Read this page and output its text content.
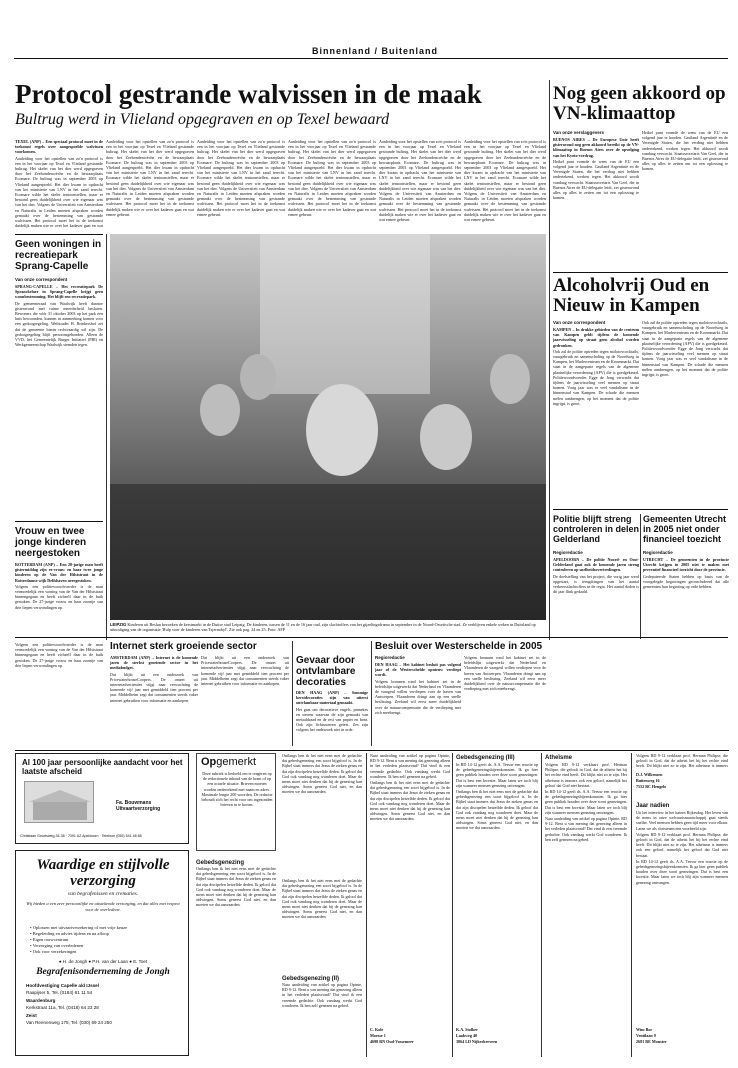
Binnenland / Buitenland
Protocol gestrande walvissen in de maak
Bultrug werd in Vlieland opgegraven en op Texel bewaard

TEXEL (ANP) – Een speciaal protocol moet in de toekomst regels over aangespoelde walvissen voorkomen.

Aanleiding voor het opstellen van zo'n protocol is een in het voorjaar op Texel en Vlieland gestrande bultrug. Het skelet van het dier werd opgegraven door het Zeehondencrèche en de bewaarplaats Ecomare. De bultrug was in september 2003 op Vlieland aangespoeld. Het dier kwam in opdracht van het ministerie van LNV in het zand terecht. Ecomare wilde het skelet tentoonstellen, maar er bestond geen duidelijkheid over wie eigenaar was van het dier. Volgens de Universiteit van Amsterdam en Naturalis in Leiden moeten afspraken worden gemaakt over de bestemming van gestrande walvissen. Het protocol moet het in de toekomst duidelijk maken wie er over het kadaver gaat en wat

Aanleiding voor het opstellen van zo'n protocol is een in het voorjaar op Texel en Vlieland gestrande bultrug. Het skelet van het dier werd opgegraven door het Zeehondencrèche en de bewaarplaats Ecomare. De bultrug was in september 2003 op Vlieland aangespoeld. Het dier kwam in opdracht van het ministerie van LNV in het zand terecht. Ecomare wilde het skelet tentoonstellen, maar er bestond geen duidelijkheid over wie eigenaar was van het dier. Volgens de Universiteit van Amsterdam en Naturalis in Leiden moeten afspraken worden gemaakt over de bestemming van gestrande walvissen. Het protocol moet het in de toekomst duidelijk maken wie er over het kadaver gaat en wat ermee gebeurt.

Aanleiding voor het opstellen van zo'n protocol is een in het voorjaar op Texel en Vlieland gestrande bultrug. Het skelet van het dier werd opgegraven door het Zeehondencrèche en de bewaarplaats Ecomare. De bultrug was in september 2003 op Vlieland aangespoeld. Het dier kwam in opdracht van het ministerie van LNV in het zand terecht. Ecomare wilde het skelet tentoonstellen, maar er bestond geen duidelijkheid over wie eigenaar was van het dier. Volgens de Universiteit van Amsterdam en Naturalis in Leiden moeten afspraken worden gemaakt over de bestemming van gestrande walvissen. Het protocol moet het in de toekomst duidelijk maken wie er over het kadaver gaat en wat ermee gebeurt.

Aanleiding voor het opstellen van zo'n protocol is een in het voorjaar op Texel en Vlieland gestrande bultrug. Het skelet van het dier werd opgegraven door het Zeehondencrèche en de bewaarplaats Ecomare. De bultrug was in september 2003 op Vlieland aangespoeld. Het dier kwam in opdracht van het ministerie van LNV in het zand terecht. Ecomare wilde het skelet tentoonstellen, maar er bestond geen duidelijkheid over wie eigenaar was van het dier. Volgens de Universiteit van Amsterdam en Naturalis in Leiden moeten afspraken worden gemaakt over de bestemming van gestrande walvissen. Het protocol moet het in de toekomst duidelijk maken wie er over het kadaver gaat en wat ermee gebeurt.

Aanleiding voor het opstellen van zo'n protocol is een in het voorjaar op Texel en Vlieland gestrande bultrug. Het skelet van het dier werd opgegraven door het Zeehondencrèche en de bewaarplaats Ecomare. De bultrug was in september 2003 op Vlieland aangespoeld. Het dier kwam in opdracht van het ministerie van LNV in het zand terecht. Ecomare wilde het skelet tentoonstellen, maar er bestond geen duidelijkheid over wie eigenaar was van het dier. Volgens de Universiteit van Amsterdam en Naturalis in Leiden moeten afspraken worden gemaakt over de bestemming van gestrande walvissen. Het protocol moet het in de toekomst duidelijk maken wie er over het kadaver gaat en wat ermee gebeurt.

Aanleiding voor het opstellen van zo'n protocol is een in het voorjaar op Texel en Vlieland gestrande bultrug. Het skelet van het dier werd opgegraven door het Zeehondencrèche en de bewaarplaats Ecomare. De bultrug was in september 2003 op Vlieland aangespoeld. Het dier kwam in opdracht van het ministerie van LNV in het zand terecht. Ecomare wilde het skelet tentoonstellen, maar er bestond geen duidelijkheid over wie eigenaar was van het dier. Volgens de Universiteit van Amsterdam en Naturalis in Leiden moeten afspraken worden gemaakt over de bestemming van gestrande walvissen. Het protocol moet het in de toekomst duidelijk maken wie er over het kadaver gaat en wat ermee gebeurt.

Nog geen akkoord op VN-klimaattop
Van onze verslaggevers

BUENOS AIRES – De Europese Unie heeft gisteravond nog geen akkoord bereikt op de VN-klimaattop in Buenos Aires over de opvolging van het Kyoto-verdrag.

Heikel punt vormde de wens van de EU een volgend jaar te houden. Gastland Argentinië en de Verenigde Staten, die het verdrag niet hebben ondertekend, werken tegen. Het akkoord wordt vandaag verwacht. Staatssecretaris Van Geel, die in Buenos Aires de EU-delegatie leidt, zei gisteravond alles op alles te zetten om tot een oplossing te komen.

Heikel punt vormde de wens van de EU een volgend jaar te houden. Gastland Argentinië en de Verenigde Staten, die het verdrag niet hebben ondertekend, werken tegen. Het akkoord wordt vandaag verwacht. Staatssecretaris Van Geel, die in Buenos Aires de EU-delegatie leidt, zei gisteravond alles op alles te zetten om tot een oplossing te komen.

Alcoholvrij Oud en Nieuw in Kampen
Van onze correspondent

KAMPEN – In drukke gebieden van de centrum van Kampen geldt tijdens de komende jaarwisseling op straat geen alcohol worden gedronken.

Ook zal de politie optreden tegen molotovcocktails, vuurgebruik en samenscholing op de Noordweg in Kampen, het Marlercentrum en de Koornmarkt. Dat staat in de aangepaste regels van de algemene plaatselijke verordening (APV) die is goedgekeurd. Politiewoordvoerder Egge de Jong verwacht dat tijdens de jaarwisseling veel mensen op straat komen. Vorig jaar was er veel vandalisme in de binnenstad van Kampen. De schade die mensen mélen aanbrengen, op het moment dat de politie ingrijpt, is groot.

Ook zal de politie optreden tegen molotovcocktails, vuurgebruik en samenscholing op de Noordweg in Kampen, het Marlercentrum en de Koornmarkt. Dat staat in de aangepaste regels van de algemene plaatselijke verordening (APV) die is goedgekeurd. Politiewoordvoerder Egge de Jong verwacht dat tijdens de jaarwisseling veel mensen op straat komen. Vorig jaar was er veel vandalisme in de binnenstad van Kampen. De schade die mensen mélen aanbrengen, op het moment dat de politie ingrijpt, is groot.

Politie blijft streng controleren in delen Gelderland
Regioredactie

APELDOORN – De politie Noord- en Oost-Gelderland gaat ook de komende jaren streng controleren op snelheidsovertredingen.

De doelstelling van het project, die vorig jaar werd opgestart, is terugdringen van het aantal verkeersslachtoffers in de regio. Het aantal doden is dit jaar flink gedaald.

Gemeenten Utrecht in 2005 niet onder financieel toezicht
Regioredactie

UTRECHT – De gemeenten in de provincie Utrecht krijgen in 2005 niet te maken met preventief financieel toezicht door de provincie.

Gedeputeerde Staten hebben op basis van de voorgelegde begrotingen geconcludeerd dat alle gemeenten hun begroting op orde hebben.

Geen woningen in recreatiepark Sprang-Capelle
Van onze correspondent

SPRANG-CAPELLE – Het recreatiepark De Spranckelaer in Sprang-Capelle krijgt geen woonbestemming. Het blijft een recreatiepark.

De gemeenteraad van Waalwijk heeft daartoe gisteravond met ruime meerderheid besloten. Bewoners die vóór 31 oktober 2003 op het park een huis bewoonden, kunnen in aanmerking komen voor een gedoogregeling. Wethouder H. Brinkershof zei dat de gemeente hierin rechtvaardig wil zijn. De gedoogregeling blijft persoonsgebonden. Alleen de VVD, het Gemeentelijk Burger Initiatief (PBI) en Werkgemeenschap Waalwijk stemden tegen.

Vrouw en twee jonge kinderen neergestoken

ROTTERDAM (ANP) – Een 28-jarige man heeft gistermiddag zijn ex-vrouw en haar twee jonge kinderen op de Van der Hilststraat in de Rotterdamse wijk Delfshaven neergestoken.

Volgens een politiewoordvoerder is de man vermoedelijk een woning van de Van der Hilststraat binnengegaan en heeft zichzelf daar in de buik gestoken. De 27-jarige vrouw en haar zoontje van drie liepen verwondingen op.

LEIPZIG Kinderen uit Beslan bezoeken de kerstmarkt in de Duitse stad Leipzig. De kinderen, tussen de 11 en de 16 jaar oud, zijn slachtoffers van het gijzelingsdrama in september in de Noord-Ossetische stad. Ze verblijven enkele weken in Duitsland op uitnodiging van de organisatie 'Hulp voor de kinderen van Tsjernobyl'. Zie ook pag. 24 en 25. Foto: AFP

Volgens een politiewoordvoerder is de man vermoedelijk een woning van de Van der Hilststraat binnengegaan en heeft zichzelf daar in de buik gestoken. De 27-jarige vrouw en haar zoontje van drie liepen verwondingen op.

Internet sterk groeiende sector

AMSTERDAM (ANP) – Internet is de komende jaren de sterkst groeiende sector in het mediabudget.

Dat blijkt uit een onderzoek van PricewaterhouseCoopers. De omzet uit internetadvertenties stijgt naar verwachting de komende vijf jaar met gemiddeld tien procent per jaar. Middelheim zegt dat consumenten steeds vaker internet gebruiken voor informatie en aankopen.

Dat blijkt uit een onderzoek van PricewaterhouseCoopers. De omzet uit internetadvertenties stijgt naar verwachting de komende vijf jaar met gemiddeld tien procent per jaar. Middelheim zegt dat consumenten steeds vaker internet gebruiken voor informatie en aankopen.

Gevaar door ontvlambare decoraties

DEN HAAG (ANP) – Sommige kerstdecoraties zijn van uiterst ontvlambaar materiaal gemaakt.

Het gaat om decoratieve engels, pinnekes en sterren waarvan de zijn gemaakt van metaaldraad en de rest van papier en bont. Ook zijn lichtsnoeren getest. Zes zijn volgens het onderzoek niet in orde.

Besluit over Westerschelde in 2005
Regioredactie

DEN HAAG – Het kabinet besluit pas volgend jaar of de Westerschelde opnieuw verdiept wordt.

Volgens bronnen rond het kabinet zet in de beleidslijn uitgewerkt dat Nederland en Vlaanderen de vaargeul willen verdiepen voor de haven van Antwerpen. Vlaanderen dringt aan op een snelle beslissing. Zeeland wil eerst meer duidelijkheid over de natuurcompensatie die de verdieping met zich meebrengt.

Volgens bronnen rond het kabinet zet in de beleidslijn uitgewerkt dat Nederland en Vlaanderen de vaargeul willen verdiepen voor de haven van Antwerpen. Vlaanderen dringt aan op een snelle beslissing. Zeeland wil eerst meer duidelijkheid over de natuurcompensatie die de verdieping met zich meebrengt.

Al 100 jaar persoonlijke aandacht voor het laatste afscheid
Fa. Bouwmans Uitvaartverzorging
Christiaan Geurtsweg 34-36 · 7391 AZ Apeldoorn · Telefoon (055) 541 48 88
Waardige en stijlvolle verzorging
van begrafenissen en crematies.
Wij bieden u een zeer persoonlijke en uitstekende verzorging, en dat alles met respect voor de overledene.
• Oplossen met uitvaartverzekering of met vrije keuze
• Begeleiding en advies tijdens en na afloop
• Eigen rouwcentrum
• Verzorging van overledenen
• Ook voor verzekeringen
● H. de Jongh ● P.H. van der Laan ● E. Toet
Begrafenisonderneming de Jongh
Hoofdvestiging Capelle a/d IJssel
Raapijser 5, Tel. (0184) 61 11 54
Waardenburg
Kerkstraat 11a, Tel. (0418) 64 23 28
Zeist
Van Reenenweg 175, Tel. (030) 69 24 250
Opgemerkt
Deze rubriek is bedoeld om te reageren op de redactionele inhoud van de krant of op een actuele situatie. Brieven moeten worden ondertekend met naam en adres. Maximale lengte 200 woorden. De redactie behoudt zich het recht voor om ingezonden brieven in te korten.

Ontlangs ben ik het niet eens met de gedachte dat gebedsgenezing een soort bijgeloof is. In de Bijbel staat immers dat Jezus de zieken genas en dat zijn discipelen hetzelfde deden. Ik geloof dat God ook vandaag nog wonderen doet. Maar de mens moet niet denken dat hij de genezing kan afdwingen. Soms geneest God niet, en dan moeten we dat aanvaarden.

Gebedsgenezing

Ontlangs ben ik het niet eens met de gedachte dat gebedsgenezing een soort bijgeloof is. In de Bijbel staat immers dat Jezus de zieken genas en dat zijn discipelen hetzelfde deden. Ik geloof dat God ook vandaag nog wonderen doet. Maar de mens moet niet denken dat hij de genezing kan afdwingen. Soms geneest God niet, en dan moeten we dat aanvaarden.

Ontlangs ben ik het niet eens met de gedachte dat gebedsgenezing een soort bijgeloof is. In de Bijbel staat immers dat Jezus de zieken genas en dat zijn discipelen hetzelfde deden. Ik geloof dat God ook vandaag nog wonderen doet. Maar de mens moet niet denken dat hij de genezing kan afdwingen. Soms geneest God niet, en dan moeten we dat aanvaarden.

Gebedsgenezing (II)

Naar aanleiding van artikel op pagina Opinie, RD 9-12. Bent u van mening dat genezing alleen in het verleden plaatsvond? Dat vind ik een vreemde gedachte. Ook vandaag werkt God wonderen. Ik ben zelf genezen na gebed.

Naar aanleiding van artikel op pagina Opinie, RD 9-12. Bent u van mening dat genezing alleen in het verleden plaatsvond? Dat vind ik een vreemde gedachte. Ook vandaag werkt God wonderen. Ik ben zelf genezen na gebed.

Ontlangs ben ik het niet eens met de gedachte dat gebedsgenezing een soort bijgeloof is. In de Bijbel staat immers dat Jezus de zieken genas en dat zijn discipelen hetzelfde deden. Ik geloof dat God ook vandaag nog wonderen doet. Maar de mens moet niet denken dat hij de genezing kan afdwingen. Soms geneest God niet, en dan moeten we dat aanvaarden.

C. Kole

Moesse 1

4698 RN Oud-Vossemeer

Gebedsgenezing (III)

In RD 14-12 geeft ds. A.A. Teeuw een reactie op de gebedsgenezingsbijeenkomsten. Ik ga hier geen publiek houden over deze soort genezingen. Dat is best een kwestie. Maar laten we toch blij zijn wanneer mensen genezing ontvangen.

Ontlangs ben ik het niet eens met de gedachte dat gebedsgenezing een soort bijgeloof is. In de Bijbel staat immers dat Jezus de zieken genas en dat zijn discipelen hetzelfde deden. Ik geloof dat God ook vandaag nog wonderen doet. Maar de mens moet niet denken dat hij de genezing kan afdwingen. Soms geneest God niet, en dan moeten we dat aanvaarden.

K.A. Stolker

Laakweg 40

3864 LD Nijkerkerveen

Atheïsme

Volgens RD 9-12 verklaart prof. Herman Philipse, die gelooft in God, dat de atheïst het bij het rechte eind heeft. Dit blijkt niet zo te zijn. Het atheïsme is immers ook een geloof, namelijk het geloof dat God niet bestaat.

In RD 14-12 geeft ds. A.A. Teeuw een reactie op de gebedsgenezingsbijeenkomsten. Ik ga hier geen publiek houden over deze soort genezingen. Dat is best een kwestie. Maar laten we toch blij zijn wanneer mensen genezing ontvangen.

Naar aanleiding van artikel op pagina Opinie, RD 9-12. Bent u van mening dat genezing alleen in het verleden plaatsvond? Dat vind ik een vreemde gedachte. Ook vandaag werkt God wonderen. Ik ben zelf genezen na gebed.

Volgens RD 9-12 verklaart prof. Herman Philipse, die gelooft in God, dat de atheïst het bij het rechte eind heeft. Dit blijkt niet zo te zijn. Het atheïsme is immers

D.J. Wilkensen

Buitenweg 16

7552 BC Hengelo

Jaar nadien

Uit het interview in het katern Rijkesdag. Het leven van de mens in onze welvaartsmaatschappij gaat steeds sneller. Veel mensen hebben geen tijd meer voor elkaar. Laten we als christenen een voorbeeld zijn.

Volgens RD 9-12 verklaart prof. Herman Philipse, die gelooft in God, dat de atheïst het bij het rechte eind heeft. Dit blijkt niet zo te zijn. Het atheïsme is immers ook een geloof, namelijk het geloof dat God niet bestaat.

In RD 14-12 geeft ds. A.A. Teeuw een reactie op de gebedsgenezingsbijeenkomsten. Ik ga hier geen publiek houden over deze soort genezingen. Dat is best een kwestie. Maar laten we toch blij zijn wanneer mensen genezing ontvangen.

Wim Bor

Ventilaan 9

2681 RE Monster
